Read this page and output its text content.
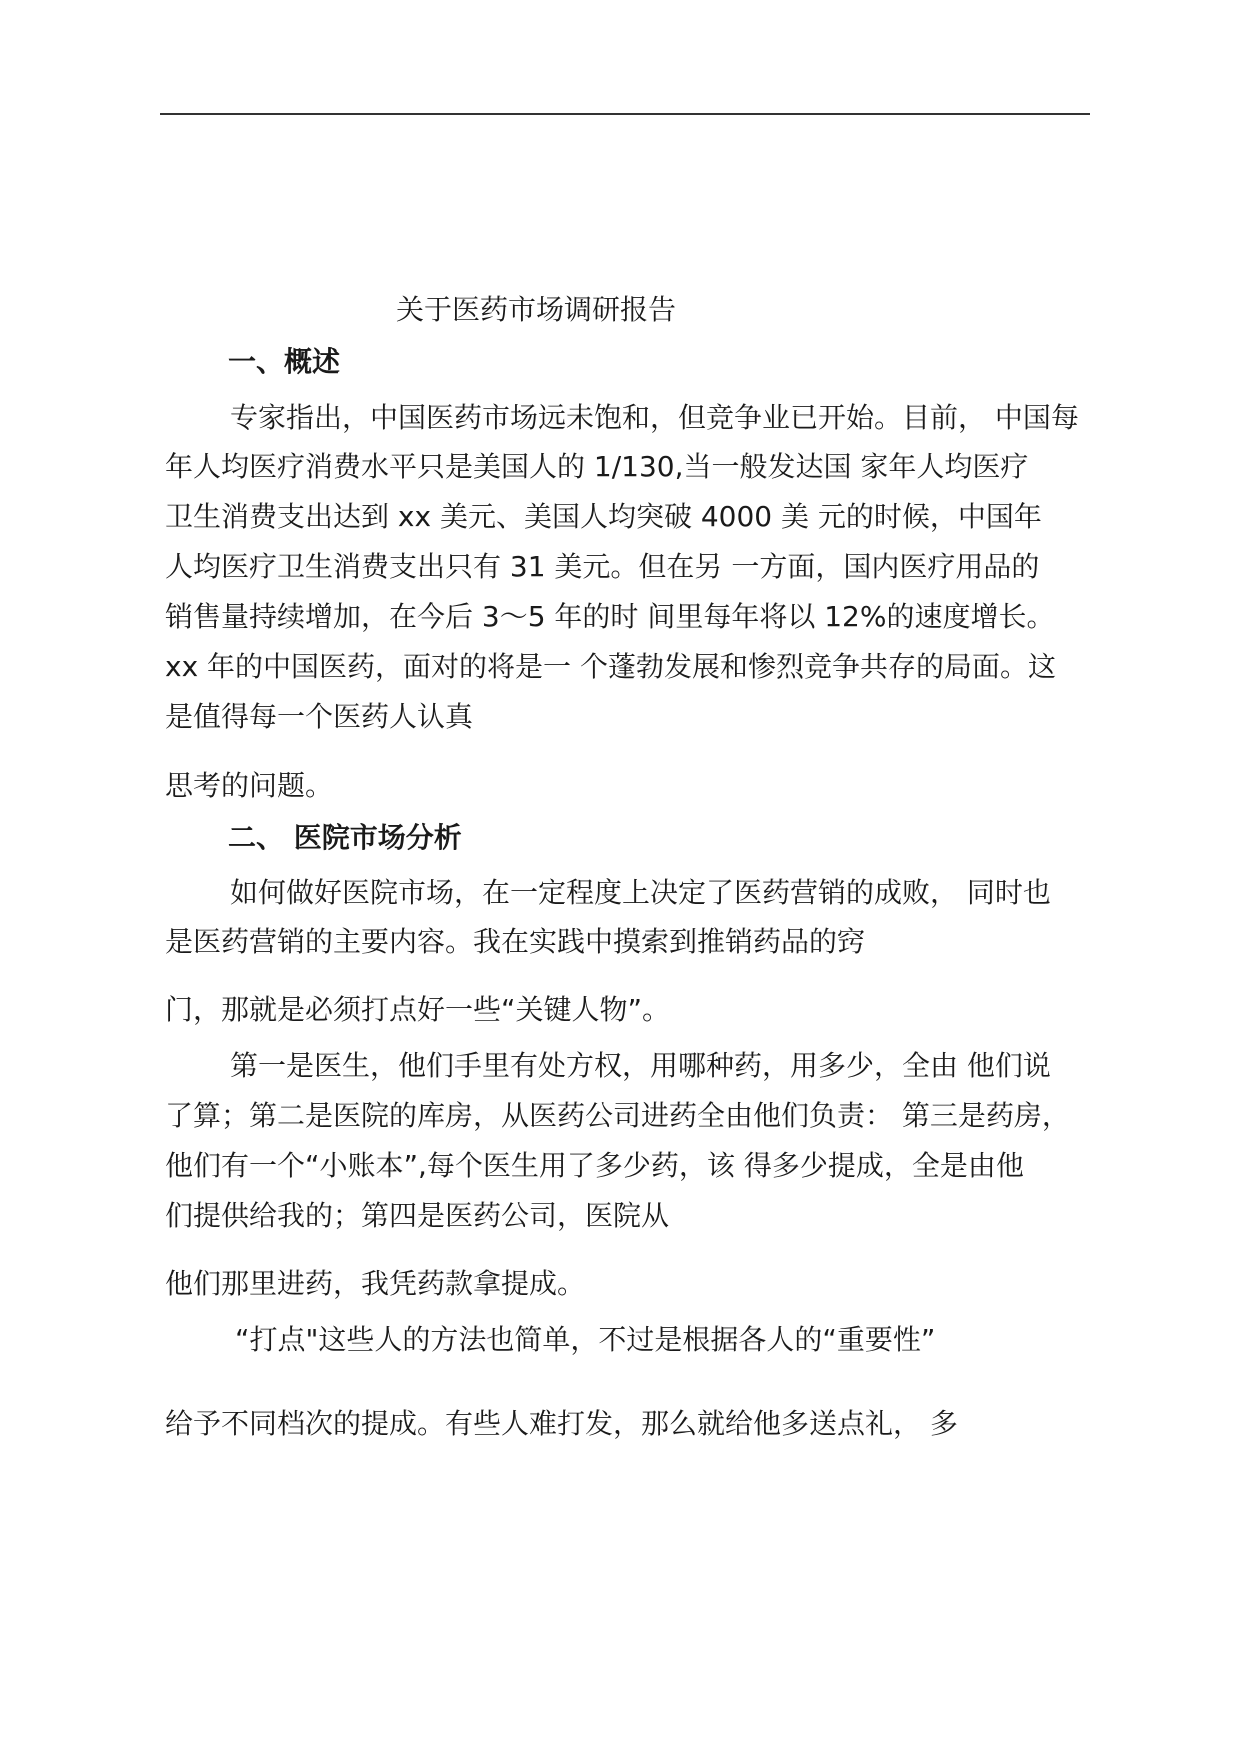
关于医药市场调研报告

一、概述

专家指出，中国医药市场远未饱和，但竞争业已开始。目前， 中国每

年人均医疗消费水平只是美国人的 1/130,当一般发达国 家年人均医疗

卫生消费支出达到 xx 美元、美国人均突破 4000 美 元的时候，中国年

人均医疗卫生消费支出只有 31 美元。但在另 一方面，国内医疗用品的

销售量持续增加，在今后 3～5 年的时 间里每年将以 12%的速度增长。

xx 年的中国医药，面对的将是一 个蓬勃发展和惨烈竞争共存的局面。这

是值得每一个医药人认真

思考的问题。

二、 医院市场分析

如何做好医院市场，在一定程度上决定了医药营销的成败， 同时也

是医药营销的主要内容。我在实践中摸索到推销药品的窍

门，那就是必须打点好一些“关键人物”。

第一是医生，他们手里有处方权，用哪种药，用多少，全由 他们说

了算；第二是医院的库房，从医药公司进药全由他们负责： 第三是药房，

他们有一个“小账本”,每个医生用了多少药，该 得多少提成，全是由他

们提供给我的；第四是医药公司，医院从

他们那里进药，我凭药款拿提成。

“打点"这些人的方法也简单，不过是根据各人的“重要性”

给予不同档次的提成。有些人难打发，那么就给他多送点礼， 多
